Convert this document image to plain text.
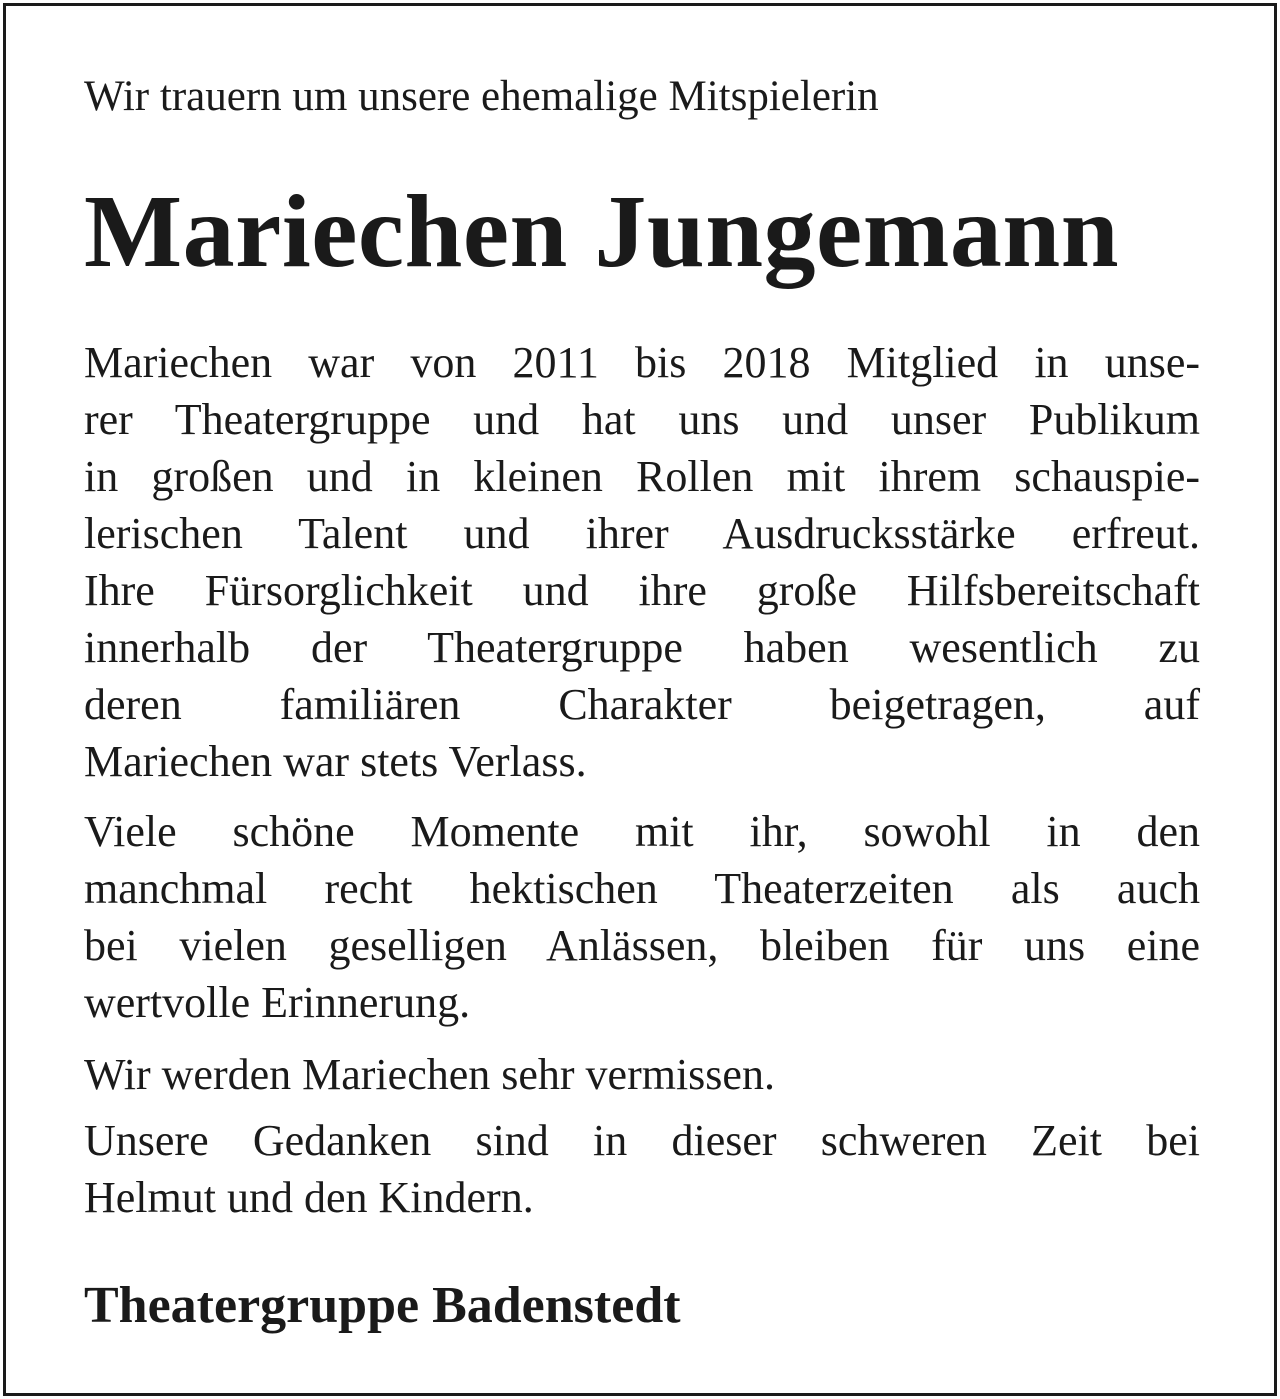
Wir trauern um unsere ehemalige Mitspielerin
Mariechen Jungemann
Mariechen war von 2011 bis 2018 Mitglied in unse-
rer Theatergruppe und hat uns und unser Publikum
in großen und in kleinen Rollen mit ihrem schauspie-
lerischen Talent und ihrer Ausdrucksstärke erfreut.
Ihre Fürsorglichkeit und ihre große Hilfsbereitschaft
innerhalb der Theatergruppe haben wesentlich zu
deren familiären Charakter beigetragen, auf
Mariechen war stets Verlass.
Viele schöne Momente mit ihr, sowohl in den
manchmal recht hektischen Theaterzeiten als auch
bei vielen geselligen Anlässen, bleiben für uns eine
wertvolle Erinnerung.
Wir werden Mariechen sehr vermissen.
Unsere Gedanken sind in dieser schweren Zeit bei
Helmut und den Kindern.
Theatergruppe Badenstedt
